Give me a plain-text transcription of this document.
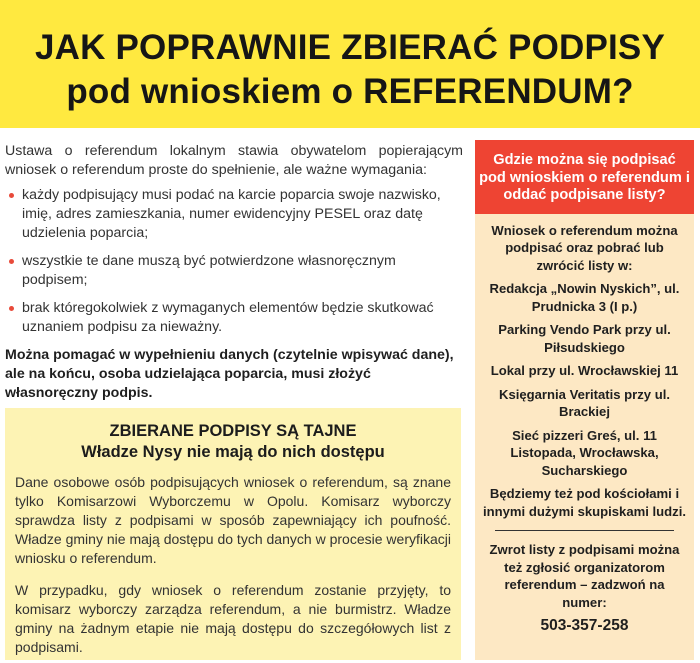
JAK POPRAWNIE ZBIERAĆ PODPISY
pod wnioskiem o REFERENDUM?

Ustawa o referendum lokalnym stawia obywatelom popierającym wniosek o referendum proste do spełnienie, ale ważne wymagania:

każdy podpisujący musi podać na karcie poparcia swoje nazwisko, imię, adres zamieszkania, numer ewidencyjny PESEL oraz datę udzielenia poparcia;
wszystkie te dane muszą być potwierdzone własnoręcznym podpisem;
brak któregokolwiek z wymaganych elementów będzie skutkować uznaniem podpisu za nieważny.

Można pomagać w wypełnieniu danych (czytelnie wpisywać dane), ale na końcu, osoba udzielająca poparcia, musi złożyć własnoręczny podpis.

ZBIERANE PODPISY SĄ TAJNE
Władze Nysy nie mają do nich dostępu

Dane osobowe osób podpisujących wniosek o referendum, są znane tylko Komisarzowi Wyborczemu w Opolu. Komisarz wyborczy sprawdza listy z podpisami w sposób zapewniający ich poufność. Władze gminy nie mają dostępu do tych danych w procesie weryfikacji wniosku o referendum.

W przypadku, gdy wniosek o referendum zostanie przyjęty, to komisarz wyborczy zarządza referendum, a nie burmistrz. Władze gminy na żadnym etapie nie mają dostępu do szczegółowych list z podpisami.

Gdzie można się podpisać pod wnioskiem o referendum i oddać podpisane listy?
Wniosek o referendum można podpisać oraz pobrać lub zwrócić listy w:
Redakcja „Nowin Nyskich”, ul. Prudnicka 3 (I p.)
Parking Vendo Park przy ul. Piłsudskiego
Lokal przy ul. Wrocławskiej 11
Księgarnia Veritatis przy ul. Brackiej
Sieć pizzeri Greś, ul. 11 Listopada, Wrocławska, Sucharskiego
Będziemy też pod kościołami i innymi dużymi skupiskami ludzi.
Zwrot listy z podpisami można też zgłosić organizatorom referendum – zadzwoń na numer:
503-357-258
